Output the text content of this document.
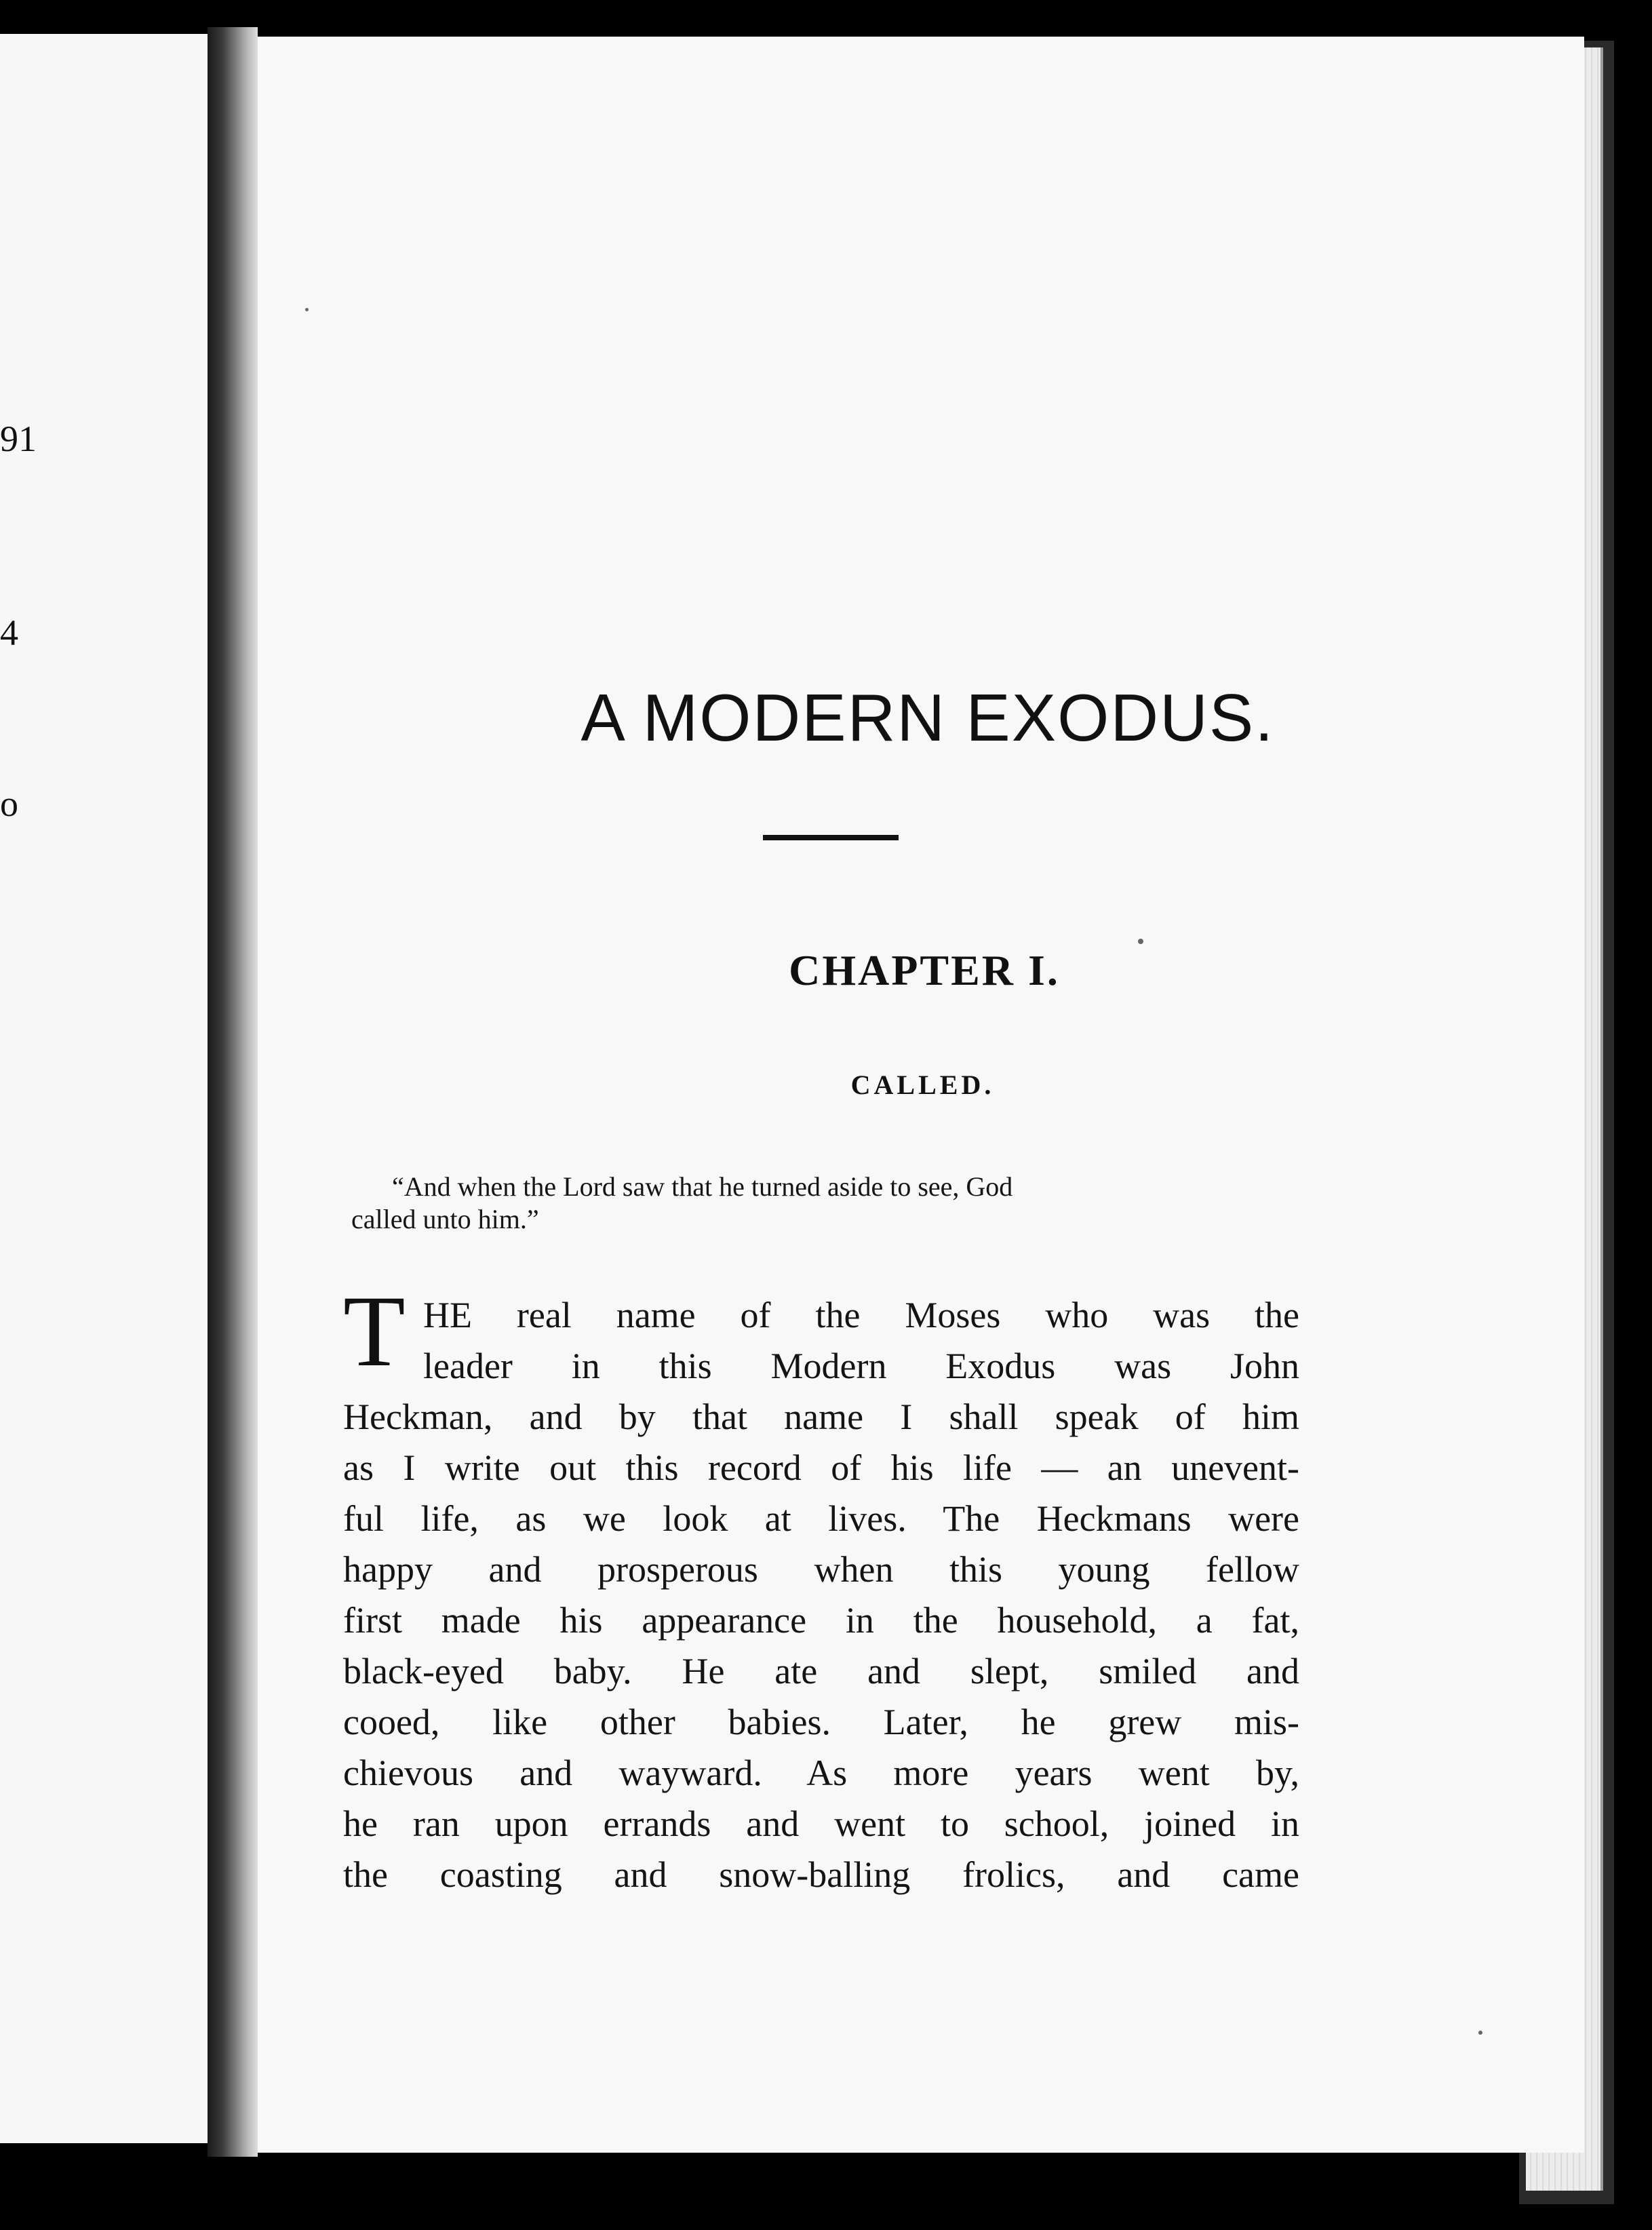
91
4
o
A MODERN EXODUS.
CHAPTER I.
CALLED.
“And when the Lord saw that he turned aside to see, God
called unto him.”
T HE real name of the Moses who was the
leader in this Modern Exodus was John
Heckman, and by that name I shall speak of him
as I write out this record of his life — an unevent-
ful life, as we look at lives. The Heckmans were
happy and prosperous when this young fellow
first made his appearance in the household, a fat,
black-eyed baby. He ate and slept, smiled and
cooed, like other babies. Later, he grew mis-
chievous and wayward. As more years went by,
he ran upon errands and went to school, joined in
the coasting and snow-balling frolics, and came
